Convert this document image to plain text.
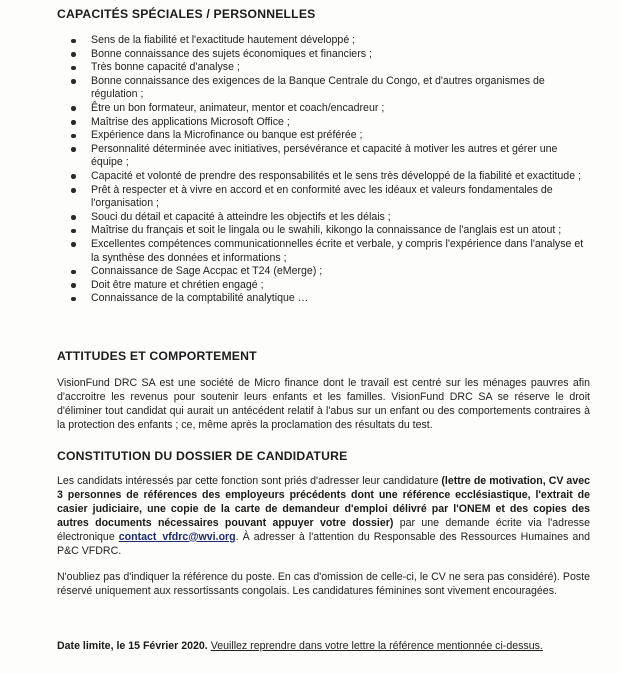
CAPACITÉS SPÉCIALES / PERSONNELLES
Sens de la fiabilité et l'exactitude hautement développé ;
Bonne connaissance des sujets économiques et financiers ;
Très bonne capacité d'analyse ;
Bonne connaissance des exigences de la Banque Centrale du Congo, et d'autres organismes de régulation ;
Être un bon formateur, animateur, mentor et coach/encadreur ;
Maîtrise des applications Microsoft Office ;
Expérience dans la Microfinance ou banque est préférée ;
Personnalité déterminée avec initiatives, persévérance et capacité à motiver les autres et gérer une équipe ;
Capacité et volonté de prendre des responsabilités et le sens très développé de la fiabilité et exactitude ;
Prêt à respecter et à vivre en accord et en conformité avec les idéaux et valeurs fondamentales de l'organisation ;
Souci du détail et capacité à atteindre les objectifs et les délais ;
Maîtrise du français et soit le lingala ou le swahili, kikongo la connaissance de l'anglais est un atout ;
Excellentes compétences communicationnelles écrite et verbale, y compris l'expérience dans l'analyse et la synthèse des données et informations ;
Connaissance de Sage Accpac et T24 (eMerge) ;
Doit être mature et chrétien engagé ;
Connaissance de la comptabilité analytique …
ATTITUDES ET COMPORTEMENT

VisionFund DRC SA est une société de Micro finance dont le travail est centré sur les ménages pauvres afin d'accroitre les revenus pour soutenir leurs enfants et les familles. VisionFund DRC SA se réserve le droit d'éliminer tout candidat qui aurait un antécédent relatif à l'abus sur un enfant ou des comportements contraires à la protection des enfants ; ce, même après la proclamation des résultats du test.

CONSTITUTION DU DOSSIER DE CANDIDATURE

Les candidats intéressés par cette fonction sont priés d'adresser leur candidature (lettre de motivation, CV avec 3 personnes de références des employeurs précédents dont une référence ecclésiastique, l'extrait de casier judiciaire, une copie de la carte de demandeur d'emploi délivré par l'ONEM et des copies des autres documents nécessaires pouvant appuyer votre dossier) par une demande écrite via l'adresse électronique contact_vfdrc@wvi.org. À adresser à l'attention du Responsable des Ressources Humaines and P&C VFDRC.

N'oubliez pas d'indiquer la référence du poste. En cas d'omission de celle-ci, le CV ne sera pas considéré). Poste réservé uniquement aux ressortissants congolais. Les candidatures féminines sont vivement encouragées.

Date limite, le 15 Février 2020. Veuillez reprendre dans votre lettre la référence mentionnée ci-dessus.
